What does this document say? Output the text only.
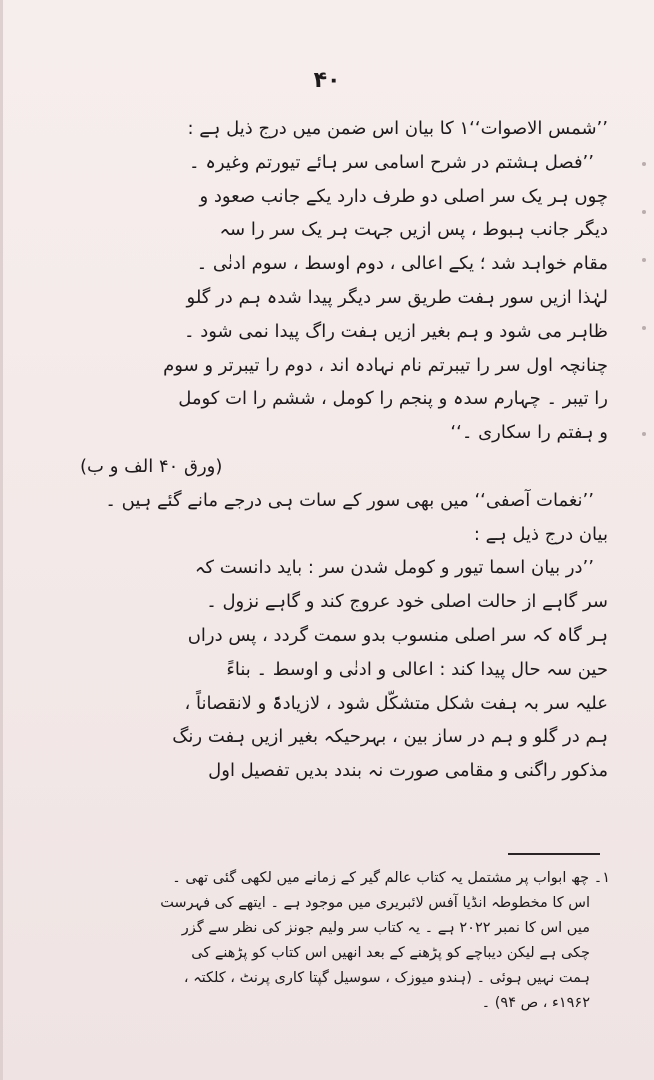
۴۰
’’شمس الاصوات‘‘۱ کا بیان اس ضمن میں درج ذیل ہے :
’’فصل ہشتم در شرح اسامی سر ہائے تیورتم وغیرہ ۔
چوں ہر یک سر اصلی دو طرف دارد یکے جانب صعود و
دیگر جانب ہبوط ، پس ازیں جہت ہر یک سر را سہ
مقام خواہد شد ؛ یکے اعالی ، دوم اوسط ، سوم ادنٰی ۔
لہٰذا ازیں سور ہفت طریق سر دیگر پیدا شدہ ہم در گلو
ظاہر می شود و ہم بغیر ازیں ہفت راگ پیدا نمی شود ۔
چنانچہ اول سر را تیبرتم نام نہادہ اند ، دوم را تیبرتر و سوم
را تیبر ۔ چہارم سدہ و پنجم را کومل ، ششم را ات کومل
و ہفتم را سکاری ۔‘‘
(ورق ۴۰ الف و ب)
’’نغمات آصفی‘‘ میں بھی سور کے سات ہی درجے مانے گئے ہیں ۔
بیان درج ذیل ہے :
’’در بیان اسما تیور و کومل شدن سر : باید دانست کہ
سر گاہے از حالت اصلی خود عروج کند و گاہے نزول ۔
ہر گاہ کہ سر اصلی منسوب بدو سمت گردد ، پس دراں
حین سہ حال پیدا کند : اعالی و ادنٰی و اوسط ۔ بناءً
علیہ سر بہ ہفت شکل متشکّل شود ، لازیادۃً و لانقصاناً ،
ہم در گلو و ہم در ساز بین ، بہرحیکہ بغیر ازیں ہفت رنگ
مذکور راگنی و مقامی صورت نہ بندد بدیں تفصیل اول
۱۔ چھ ابواب پر مشتمل یہ کتاب عالم گیر کے زمانے میں لکھی گئی تھی ۔
اس کا مخطوطہ انڈیا آفس لائبریری میں موجود ہے ۔ ایتھے کی فہرست
میں اس کا نمبر ۲۰۲۲ ہے ۔ یہ کتاب سر ولیم جونز کی نظر سے گزر
چکی ہے لیکن دیباچے کو پڑھنے کے بعد انھیں اس کتاب کو پڑھنے کی
ہمت نہیں ہوئی ۔ (ہندو میوزک ، سوسیل گپتا کاری پرنٹ ، کلکتہ ،
۱۹۶۲ء ، ص ۹۴) ۔
